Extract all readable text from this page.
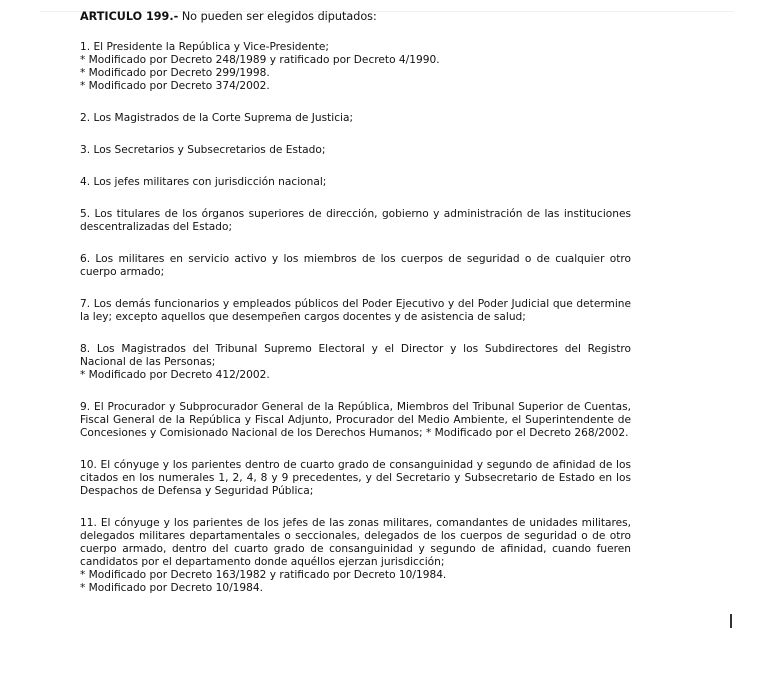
ARTICULO 199.- No pueden ser elegidos diputados:

1. El Presidente la República y Vice-Presidente;

* Modificado por Decreto 248/1989 y ratificado por Decreto 4/1990.
* Modificado por Decreto 299/1998.
* Modificado por Decreto 374/2002.

2. Los Magistrados de la Corte Suprema de Justicia;

3. Los Secretarios y Subsecretarios de Estado;

4. Los jefes militares con jurisdicción nacional;

5. Los titulares de los órganos superiores de dirección, gobierno y administración de las instituciones descentralizadas del Estado;

6. Los militares en servicio activo y los miembros de los cuerpos de seguridad o de cualquier otro cuerpo armado;

7. Los demás funcionarios y empleados públicos del Poder Ejecutivo y del Poder Judicial que determine la ley; excepto aquellos que desempeñen cargos docentes y de asistencia de salud;

8. Los Magistrados del Tribunal Supremo Electoral y el Director y los Subdirectores del Registro Nacional de las Personas;

* Modificado por Decreto 412/2002.

9. El Procurador y Subprocurador General de la República, Miembros del Tribunal Superior de Cuentas, Fiscal General de la República y Fiscal Adjunto, Procurador del Medio Ambiente, el Superintendente de Concesiones y Comisionado Nacional de los Derechos Humanos; * Modificado por el Decreto 268/2002.

10. El cónyuge y los parientes dentro de cuarto grado de consanguinidad y segundo de afinidad de los citados en los numerales 1, 2, 4, 8 y 9 precedentes, y del Secretario y Subsecretario de Estado en los Despachos de Defensa y Seguridad Pública;

11. El cónyuge y los parientes de los jefes de las zonas militares, comandantes de unidades militares, delegados militares departamentales o seccionales, delegados de los cuerpos de seguridad o de otro cuerpo armado, dentro del cuarto grado de consanguinidad y segundo de afinidad, cuando fueren candidatos por el departamento donde aquéllos ejerzan jurisdicción;

* Modificado por Decreto 163/1982 y ratificado por Decreto 10/1984.
* Modificado por Decreto 10/1984.
